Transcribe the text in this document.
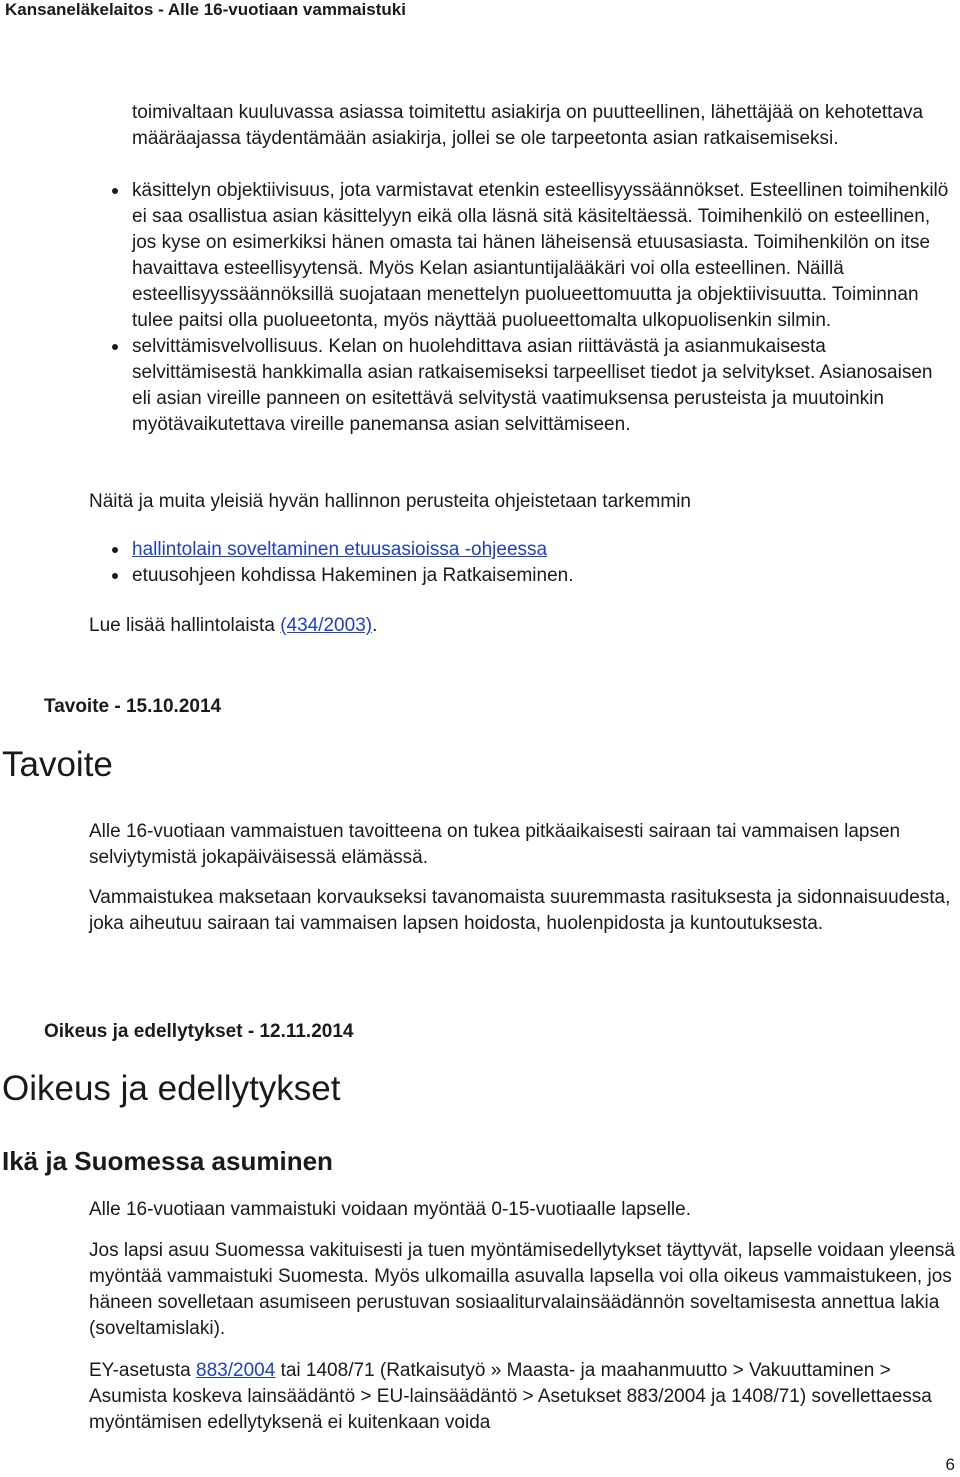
Kansaneläkelaitos - Alle 16-vuotiaan vammaistuki

toimivaltaan kuuluvassa asiassa toimitettu asiakirja on puutteellinen, lähettäjää on kehotettava määräajassa täydentämään asiakirja, jollei se ole tarpeetonta asian ratkaisemiseksi.

käsittelyn objektiivisuus, jota varmistavat etenkin esteellisyyssäännökset. Esteellinen toimihenkilö ei saa osallistua asian käsittelyyn eikä olla läsnä sitä käsiteltäessä. Toimihenkilö on esteellinen, jos kyse on esimerkiksi hänen omasta tai hänen läheisensä etuusasiasta. Toimihenkilön on itse havaittava esteellisyytensä. Myös Kelan asiantuntijalääkäri voi olla esteellinen. Näillä esteellisyyssäännöksillä suojataan menettelyn puolueettomuutta ja objektiivisuutta. Toiminnan tulee paitsi olla puolueetonta, myös näyttää puolueettomalta ulkopuolisenkin silmin.
selvittämisvelvollisuus. Kelan on huolehdittava asian riittävästä ja asianmukaisesta selvittämisestä hankkimalla asian ratkaisemiseksi tarpeelliset tiedot ja selvitykset. Asianosaisen eli asian vireille panneen on esitettävä selvitystä vaatimuksensa perusteista ja muutoinkin myötävaikutettava vireille panemansa asian selvittämiseen.

Näitä ja muita yleisiä hyvän hallinnon perusteita ohjeistetaan tarkemmin

hallintolain soveltaminen etuusasioissa -ohjeessa
etuusohjeen kohdissa Hakeminen ja Ratkaiseminen.

Lue lisää hallintolaista (434/2003).

Tavoite - 15.10.2014

Tavoite

Alle 16-vuotiaan vammaistuen tavoitteena on tukea pitkäaikaisesti sairaan tai vammaisen lapsen selviytymistä jokapäiväisessä elämässä.

Vammaistukea maksetaan korvaukseksi tavanomaista suuremmasta rasituksesta ja sidonnaisuudesta, joka aiheutuu sairaan tai vammaisen lapsen hoidosta, huolenpidosta ja kuntoutuksesta.

Oikeus ja edellytykset - 12.11.2014

Oikeus ja edellytykset
Ikä ja Suomessa asuminen

Alle 16-vuotiaan vammaistuki voidaan myöntää 0-15-vuotiaalle lapselle.

Jos lapsi asuu Suomessa vakituisesti ja tuen myöntämisedellytykset täyttyvät, lapselle voidaan yleensä myöntää vammaistuki Suomesta. Myös ulkomailla asuvalla lapsella voi olla oikeus vammaistukeen, jos häneen sovelletaan asumiseen perustuvan sosiaaliturvalainsäädännön soveltamisesta annettua lakia (soveltamislaki).

EY-asetusta 883/2004 tai 1408/71 (Ratkaisutyö » Maasta- ja maahanmuutto > Vakuuttaminen > Asumista koskeva lainsäädäntö > EU-lainsäädäntö > Asetukset 883/2004 ja 1408/71) sovellettaessa myöntämisen edellytyksenä ei kuitenkaan voida

6
